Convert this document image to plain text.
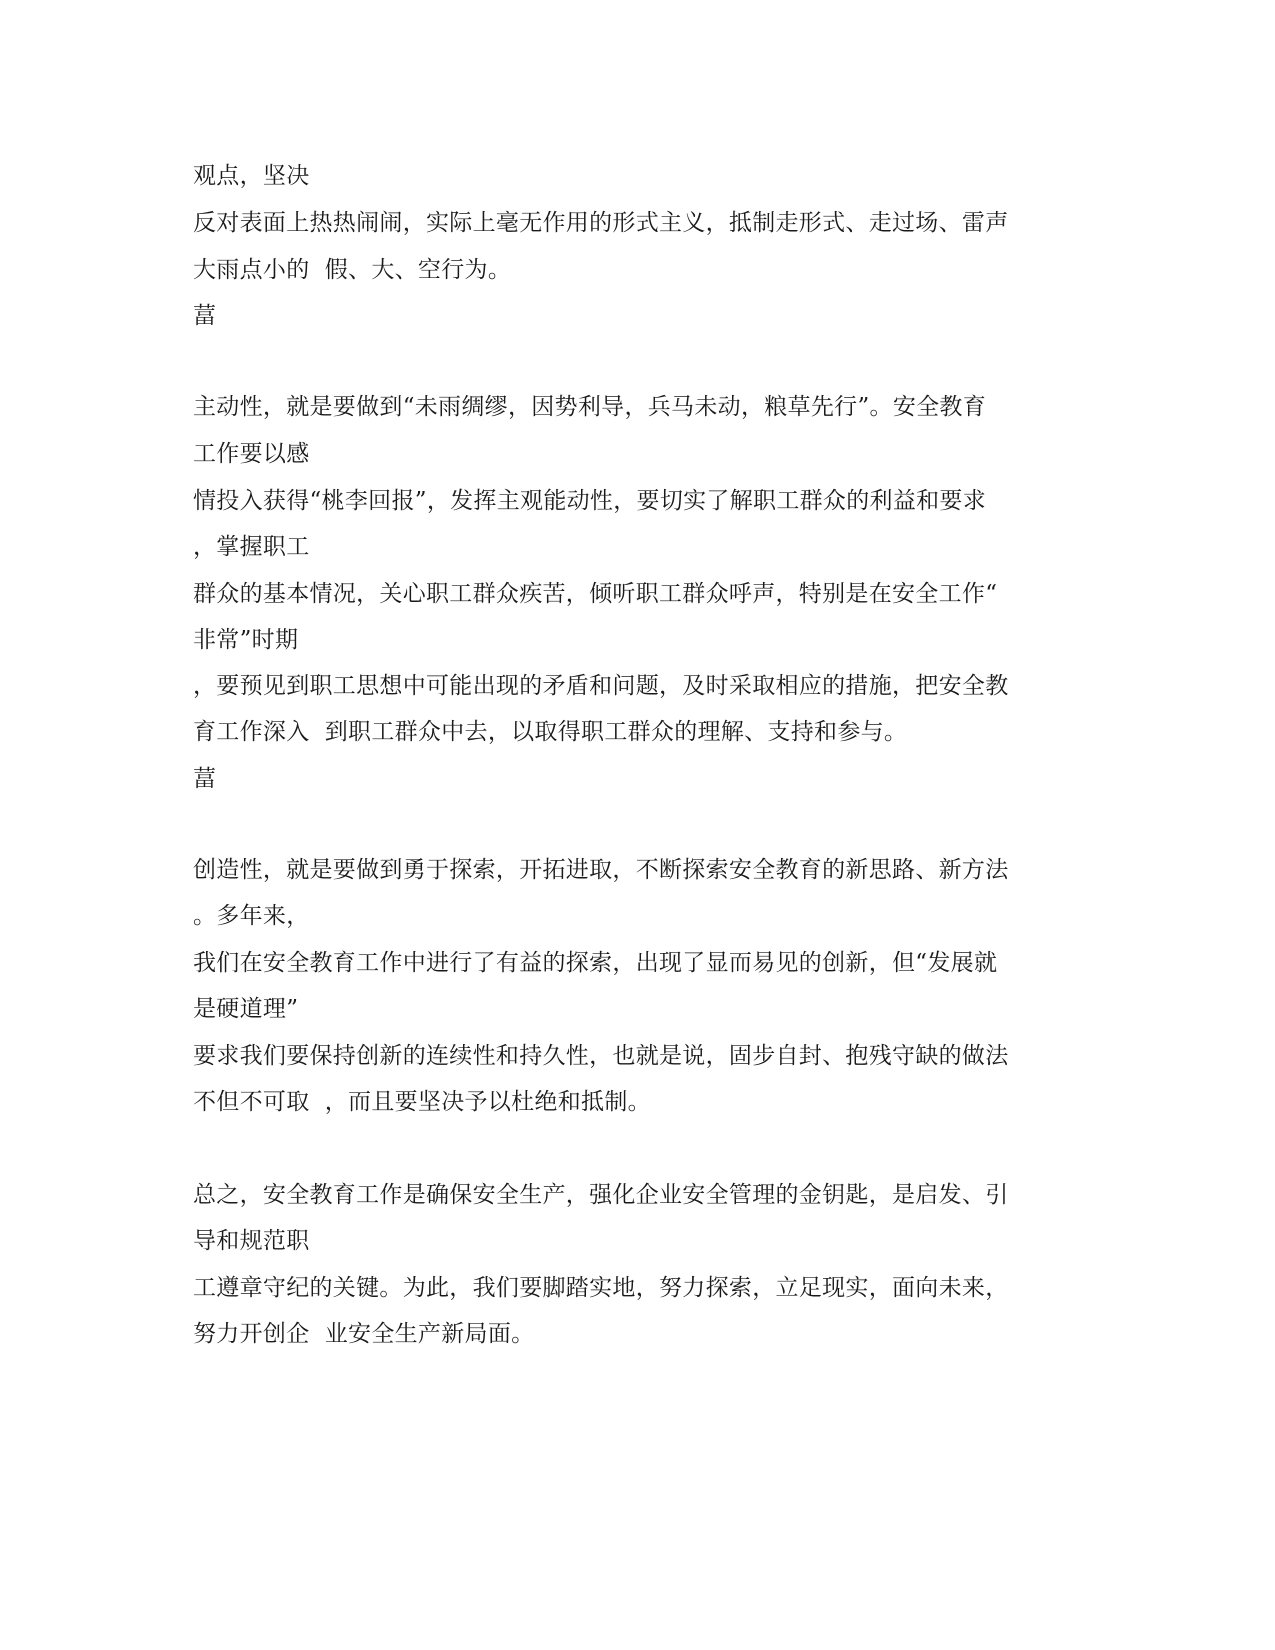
观点，坚决
反对表面上热热闹闹，实际上毫无作用的形式主义，抵制走形式、走过场、雷声
大雨点小的  假、大、空行为。
葍
主动性，就是要做到“未雨绸缪，因势利导，兵马未动，粮草先行”。安全教育
工作要以感
情投入获得“桃李回报”，发挥主观能动性，要切实了解职工群众的利益和要求
，掌握职工
群众的基本情况，关心职工群众疾苦，倾听职工群众呼声，特别是在安全工作“
非常”时期
，要预见到职工思想中可能出现的矛盾和问题，及时采取相应的措施，把安全教
育工作深入  到职工群众中去，以取得职工群众的理解、支持和参与。
葍
创造性，就是要做到勇于探索，开拓进取，不断探索安全教育的新思路、新方法
。多年来，
我们在安全教育工作中进行了有益的探索，出现了显而易见的创新，但“发展就
是硬道理”
要求我们要保持创新的连续性和持久性，也就是说，固步自封、抱残守缺的做法
不但不可取  ，而且要坚决予以杜绝和抵制。
总之，安全教育工作是确保安全生产，强化企业安全管理的金钥匙，是启发、引
导和规范职
工遵章守纪的关键。为此，我们要脚踏实地，努力探索，立足现实，面向未来，
努力开创企  业安全生产新局面。
